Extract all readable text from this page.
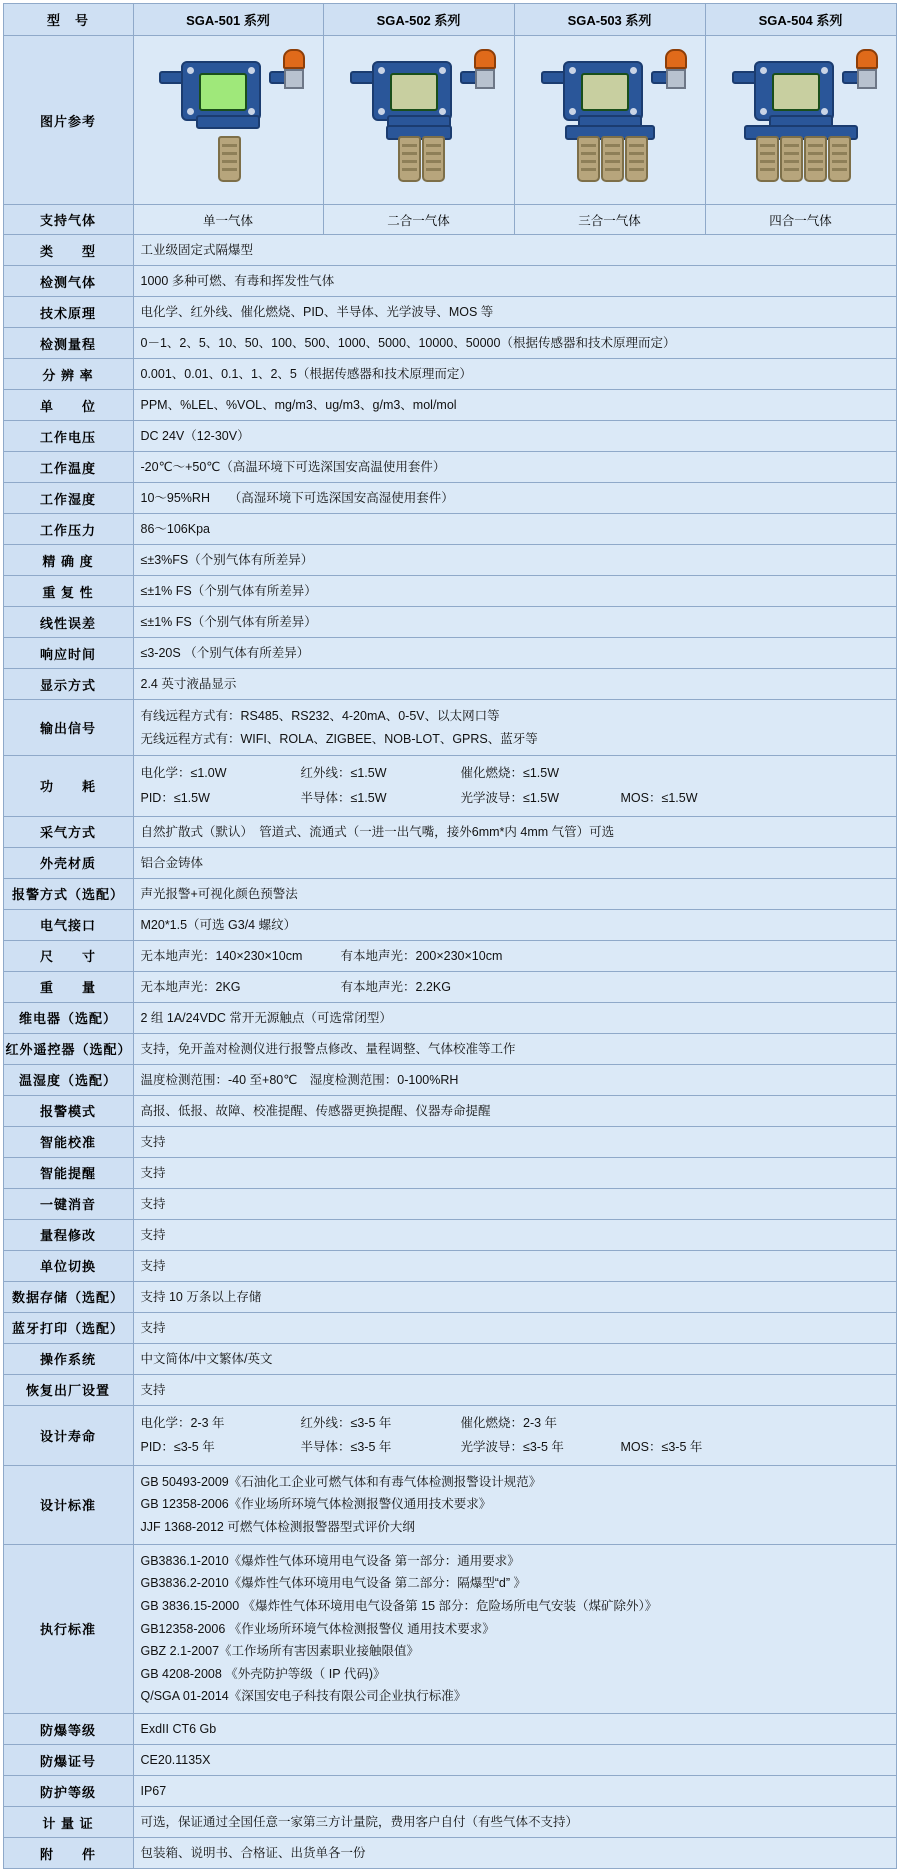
型　号	SGA-501 系列	SGA-502 系列	SGA-503 系列	SGA-504 系列
图片参考	

支持气体	单一气体	二合一气体	三合一气体	四合一气体
类　　型	工业级固定式隔爆型			
检测气体	1000 多种可燃、有毒和挥发性气体			
技术原理	电化学、红外线、催化燃烧、PID、半导体、光学波导、MOS 等			
检测量程	0－1、2、5、10、50、100、500、1000、5000、10000、50000（根据传感器和技术原理而定）			
分 辨 率	0.001、0.01、0.1、1、2、5（根据传感器和技术原理而定）			
单　　位	PPM、%LEL、%VOL、mg/m3、ug/m3、g/m3、mol/mol			
工作电压	DC 24V（12-30V）			
工作温度	-20℃～+50℃（高温环境下可选深国安高温使用套件）			
工作湿度	10～95%RH　　（高湿环境下可选深国安高湿使用套件）			
工作压力	86～106Kpa			
精 确 度	≤±3%FS（个别气体有所差异）			
重 复 性	≤±1% FS（个别气体有所差异）			
线性误差	≤±1% FS（个别气体有所差异）			
响应时间	≤3-20S （个别气体有所差异）			
显示方式	2.4 英寸液晶显示			
输出信号	有线远程方式有：RS485、RS232、4-20mA、0-5V、以太网口等
无线远程方式有：WIFI、ROLA、ZIGBEE、NOB-LOT、GPRS、蓝牙等			

功　　耗	
电化学：≤1.0W	红外线：≤1.5W	催化燃烧：≤1.5W
PID：≤1.5W	半导体：≤1.5W	光学波导：≤1.5W	MOS：≤1.5W

采气方式	自然扩散式（默认）　管道式、流通式（一进一出气嘴，接外6mm*内 4mm 气管）可选			
外壳材质	铝合金铸体			
报警方式（选配）	声光报警+可视化颜色预警法			
电气接口	M20*1.5（可选 G3/4 螺纹）			
尺　　寸	无本地声光：140×230×10cm 有本地声光：200×230×10cm			

重　　量	无本地声光：2KG 有本地声光：2.2KG			

维电器（选配）	2 组 1A/24VDC 常开无源触点（可选常闭型）			
红外遥控器（选配）	支持，免开盖对检测仪进行报警点修改、量程调整、气体校准等工作			
温湿度（选配）	温度检测范围：-40 至+80℃　湿度检测范围：0-100%RH			
报警模式	高报、低报、故障、校准提醒、传感器更换提醒、仪器寿命提醒			
智能校准	支持			
智能提醒	支持			
一键消音	支持			
量程修改	支持			
单位切换	支持			
数据存储（选配）	支持 10 万条以上存储			
蓝牙打印（选配）	支持			
操作系统	中文简体/中文繁体/英文			
恢复出厂设置	支持			
设计寿命	
电化学：2-3 年	红外线：≤3-5 年	催化燃烧：2-3 年
PID：≤3-5 年	半导体：≤3-5 年	光学波导：≤3-5 年	MOS：≤3-5 年

设计标准	GB 50493-2009《石油化工企业可燃气体和有毒气体检测报警设计规范》
GB 12358-2006《作业场所环境气体检测报警仪通用技术要求》
JJF 1368-2012 可燃气体检测报警器型式评价大纲			

执行标准	
GB3836.1-2010《爆炸性气体环境用电气设备 第一部分：通用要求》
GB3836.2-2010《爆炸性气体环境用电气设备 第二部分：隔爆型“d” 》
GB 3836.15-2000 《爆炸性气体环境用电气设备第 15 部分：危险场所电气安装（煤矿除外）》
GB12358-2006 《作业场所环境气体检测报警仪 通用技术要求》
GBZ 2.1-2007《工作场所有害因素职业接触限值》
GB 4208-2008 《外壳防护等级（ IP 代码)》
Q/SGA 01-2014《深国安电子科技有限公司企业执行标准》

防爆等级	ExdII CT6 Gb			
防爆证号	CE20.1135X			
防护等级	IP67			
计 量 证	可选，保证通过全国任意一家第三方计量院，费用客户自付（有些气体不支持）			
附　　件	包装箱、说明书、合格证、出货单各一份			
